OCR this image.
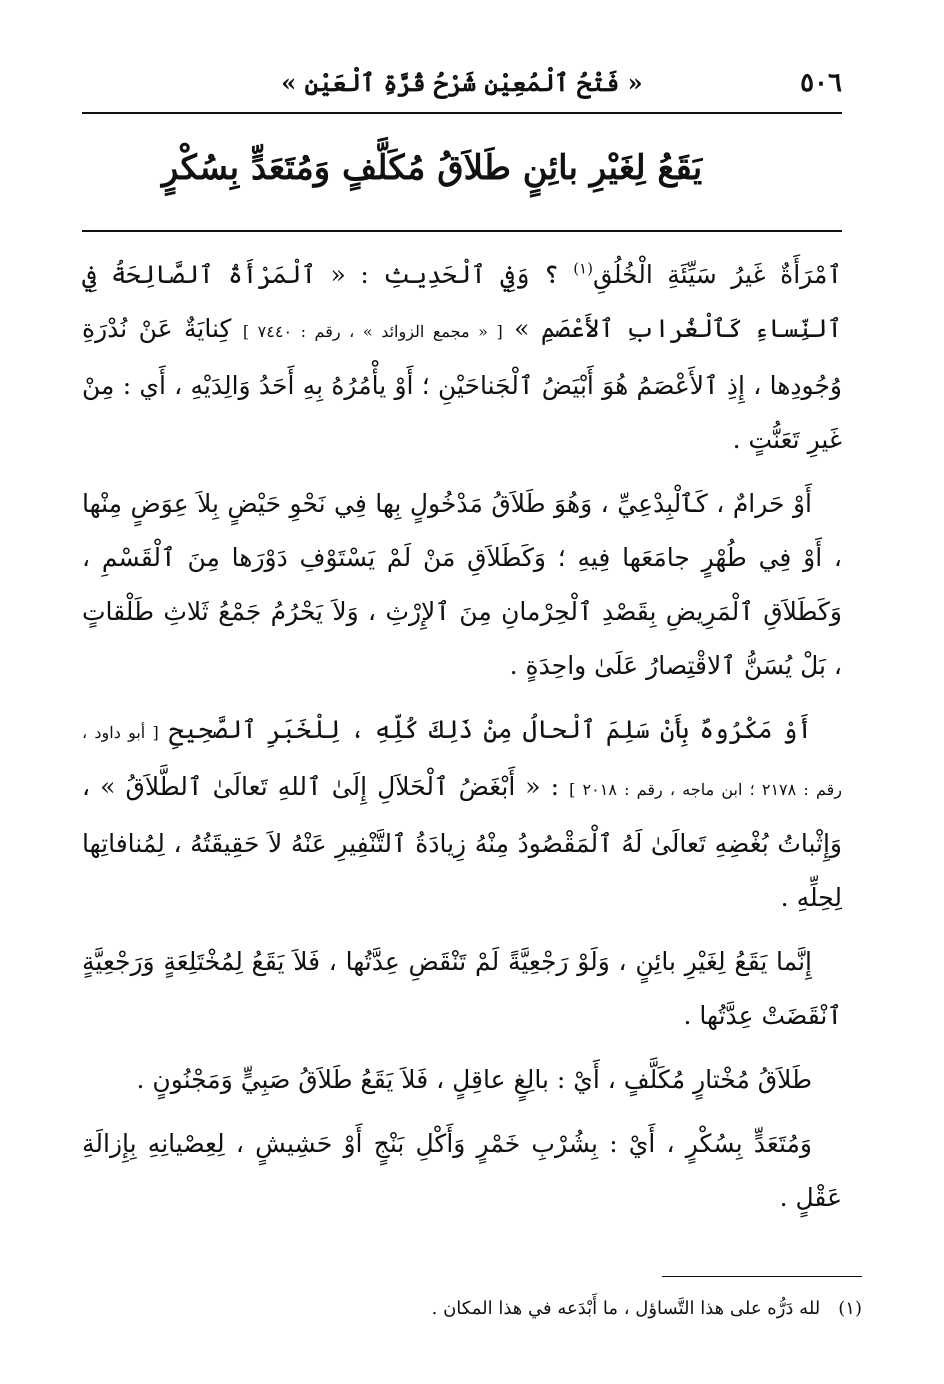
٥٠٦
« فَتْحُ ٱلْمُعِيْنِ شَرْحُ قُرَّةِ ٱلْعَيْنِ »
يَقَعُ لِغَيْرِ بائِنٍ طَلاَقُ مُكَلَّفٍ وَمُتَعَدٍّ بِسُكْرٍ

ٱمْرَأَةٌ غَيرُ سَيِّئَةِ الْخُلُقِ$^{(١)}$ ؟ وَفِي ٱلْحَدِيثِ : « ٱلْمَرْأَةُ ٱلصَّالِحَةُ فِي ٱلنِّساءِ كَٱلْغُرابِ ٱلأَعْصَمِ » [ « مجمع الزوائد » ، رقم : ٧٤٤٠ ] كِنايَةٌ عَنْ نُدْرَةِ وُجُودِها ، إِذِ ٱلأَعْصَمُ هُوَ أَبْيَضُ ٱلْجَناحَيْنِ ؛ أَوْ يأْمُرُهُ بِهِ أَحَدُ وَالِدَيْهِ ، أَي : مِنْ غَيرِ تَعَنُّتٍ .

أَوْ حَرامٌ ، كَٱلْبِدْعِيِّ ، وَهُوَ طَلاَقُ مَدْخُولٍ بِها فِي نَحْوِ حَيْضٍ بِلاَ عِوَضٍ مِنْها ، أَوْ فِي طُهْرٍ جامَعَها فِيهِ ؛ وَكَطَلاَقِ مَنْ لَمْ يَسْتَوْفِ دَوْرَها مِنَ ٱلْقَسْمِ ، وَكَطَلاَقِ ٱلْمَرِيضِ بِقَصْدِ ٱلْحِرْمانِ مِنَ ٱلإِرْثِ ، وَلاَ يَحْرُمُ جَمْعُ ثَلاثِ طَلْقاتٍ ، بَلْ يُسَنُّ ٱلاقْتِصارُ عَلَىٰ واحِدَةٍ .

أَوْ مَكْرُوهٌ بِأَنْ سَلِمَ ٱلْحالُ مِنْ ذَلِكَ كُلِّهِ ، لِلْخَبَرِ ٱلصَّحِيحِ [ أبو داود ، رقم : ٢١٧٨ ؛ ابن ماجه ، رقم : ٢٠١٨ ] : « أَبْغَضُ ٱلْحَلاَلِ إِلَىٰ ٱللهِ تَعالَىٰ ٱلطَّلاَقُ » ، وَإِثْباتُ بُغْضِهِ تَعالَىٰ لَهُ ٱلْمَقْصُودُ مِنْهُ زِيادَةُ ٱلتَّنْفِيرِ عَنْهُ لاَ حَقِيقَتُهُ ، لِمُنافاتِها لِحِلِّهِ .

إِنَّما يَقَعُ لِغَيْرِ بائِنٍ ، وَلَوْ رَجْعِيَّةً لَمْ تَنْقَضِ عِدَّتُها ، فَلاَ يَقَعُ لِمُخْتَلِعَةٍ وَرَجْعِيَّةٍ ٱنْقَضَتْ عِدَّتُها .

طَلاَقُ مُخْتارٍ مُكَلَّفٍ ، أَيْ : بالِغٍ عاقِلٍ ، فَلاَ يَقَعُ طَلاَقُ صَبِيٍّ وَمَجْنُونٍ .

وَمُتَعَدٍّ بِسُكْرٍ ، أَيْ : بِشُرْبِ خَمْرٍ وَأَكْلِ بَنْجٍ أَوْ حَشِيشٍ ، لِعِصْيانِهِ بِإِزالَةِ عَقْلٍ .

(١)لله دَرُّه على هذا التَّساؤل ، ما أَبْدَعه في هذا المكان .
